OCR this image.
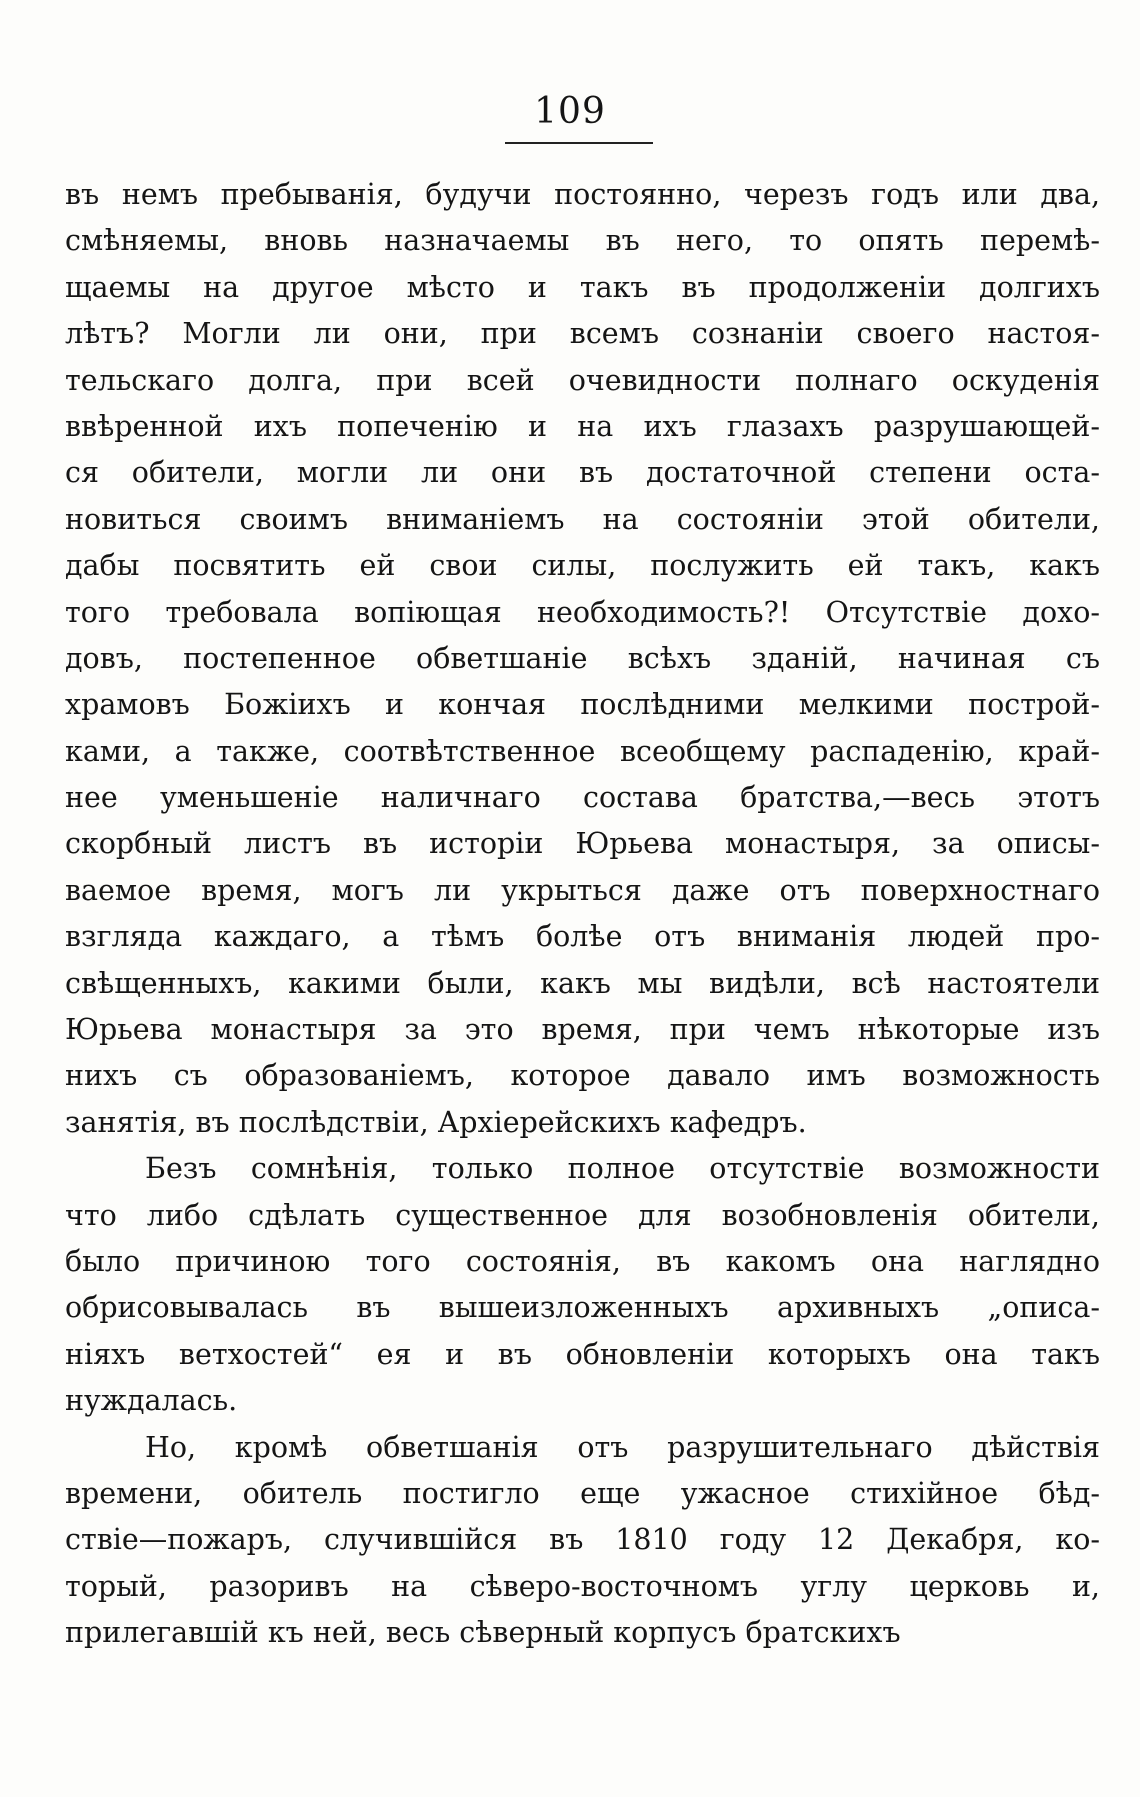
109
въ немъ пребыванія, будучи постоянно, черезъ годъ или два,
смѣняемы, вновь назначаемы въ него, то опять перемѣ-
щаемы на другое мѣсто и такъ въ продолженіи долгихъ
лѣтъ? Могли ли они, при всемъ сознаніи своего настоя-
тельскаго долга, при всей очевидности полнаго оскуденія
ввѣренной ихъ попеченію и на ихъ глазахъ разрушающей-
ся обители, могли ли они въ достаточной степени оста-
новиться своимъ вниманіемъ на состояніи этой обители,
дабы посвятить ей свои силы, послужить ей такъ, какъ
того требовала вопіющая необходимость?! Отсутствіе дохо-
довъ, постепенное обветшаніе всѣхъ зданій, начиная съ
храмовъ Божіихъ и кончая послѣдними мелкими построй-
ками, а также, соотвѣтственное всеобщему распаденію, край-
нее уменьшеніе наличнаго состава братства,—весь этотъ
скорбный листъ въ исторіи Юрьева монастыря, за описы-
ваемое время, могъ ли укрыться даже отъ поверхностнаго
взгляда каждаго, а тѣмъ болѣе отъ вниманія людей про-
свѣщенныхъ, какими были, какъ мы видѣли, всѣ настоятели
Юрьева монастыря за это время, при чемъ нѣкоторые изъ
нихъ съ образованіемъ, которое давало имъ возможность
занятія, въ послѣдствіи, Архіерейскихъ кафедръ.
Безъ сомнѣнія, только полное отсутствіе возможности
что либо сдѣлать существенное для возобновленія обители,
было причиною того состоянія, въ какомъ она наглядно
обрисовывалась въ вышеизложенныхъ архивныхъ „описа-
ніяхъ ветхостей“ ея и въ обновленіи которыхъ она такъ
нуждалась.
Но, кромѣ обветшанія отъ разрушительнаго дѣйствія
времени, обитель постигло еще ужасное стихійное бѣд-
ствіе—пожаръ, случившійся въ 1810 году 12 Декабря, ко-
торый, разоривъ на сѣверо-восточномъ углу церковь и,
прилегавшій къ ней, весь сѣверный корпусъ братскихъ
